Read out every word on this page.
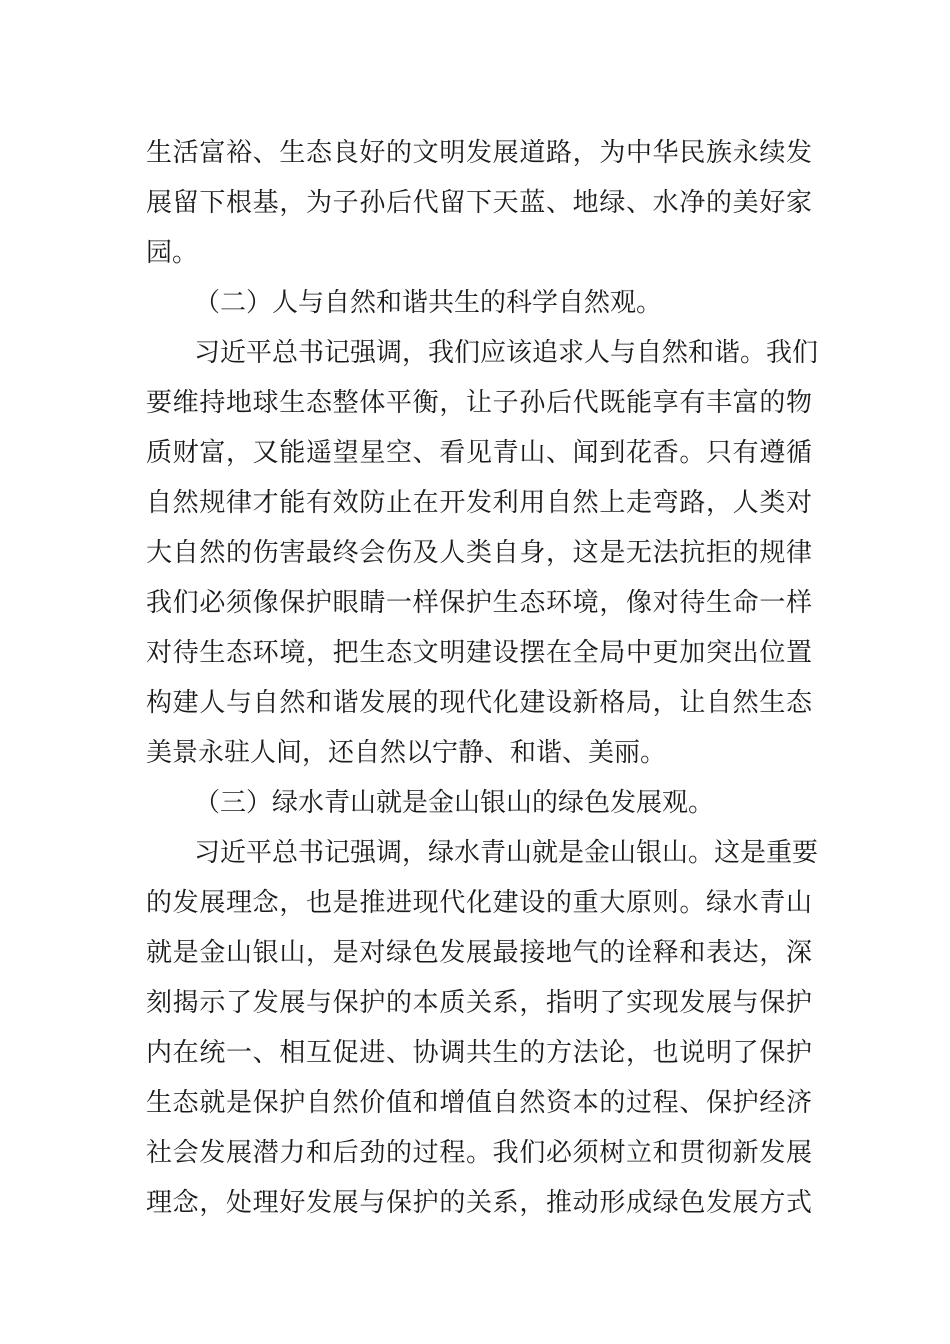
生活富裕、生态良好的文明发展道路，为中华民族永续发
展留下根基，为子孙后代留下天蓝、地绿、水净的美好家
园。
（二）人与自然和谐共生的科学自然观。
习近平总书记强调，我们应该追求人与自然和谐。我们
要维持地球生态整体平衡，让子孙后代既能享有丰富的物
质财富，又能遥望星空、看见青山、闻到花香。只有遵循
自然规律才能有效防止在开发利用自然上走弯路，人类对
大自然的伤害最终会伤及人类自身，这是无法抗拒的规律
我们必须像保护眼睛一样保护生态环境，像对待生命一样
对待生态环境，把生态文明建设摆在全局中更加突出位置
构建人与自然和谐发展的现代化建设新格局，让自然生态
美景永驻人间，还自然以宁静、和谐、美丽。
（三）绿水青山就是金山银山的绿色发展观。
习近平总书记强调，绿水青山就是金山银山。这是重要
的发展理念，也是推进现代化建设的重大原则。绿水青山
就是金山银山，是对绿色发展最接地气的诠释和表达，深
刻揭示了发展与保护的本质关系，指明了实现发展与保护
内在统一、相互促进、协调共生的方法论，也说明了保护
生态就是保护自然价值和增值自然资本的过程、保护经济
社会发展潜力和后劲的过程。我们必须树立和贯彻新发展
理念，处理好发展与保护的关系，推动形成绿色发展方式
